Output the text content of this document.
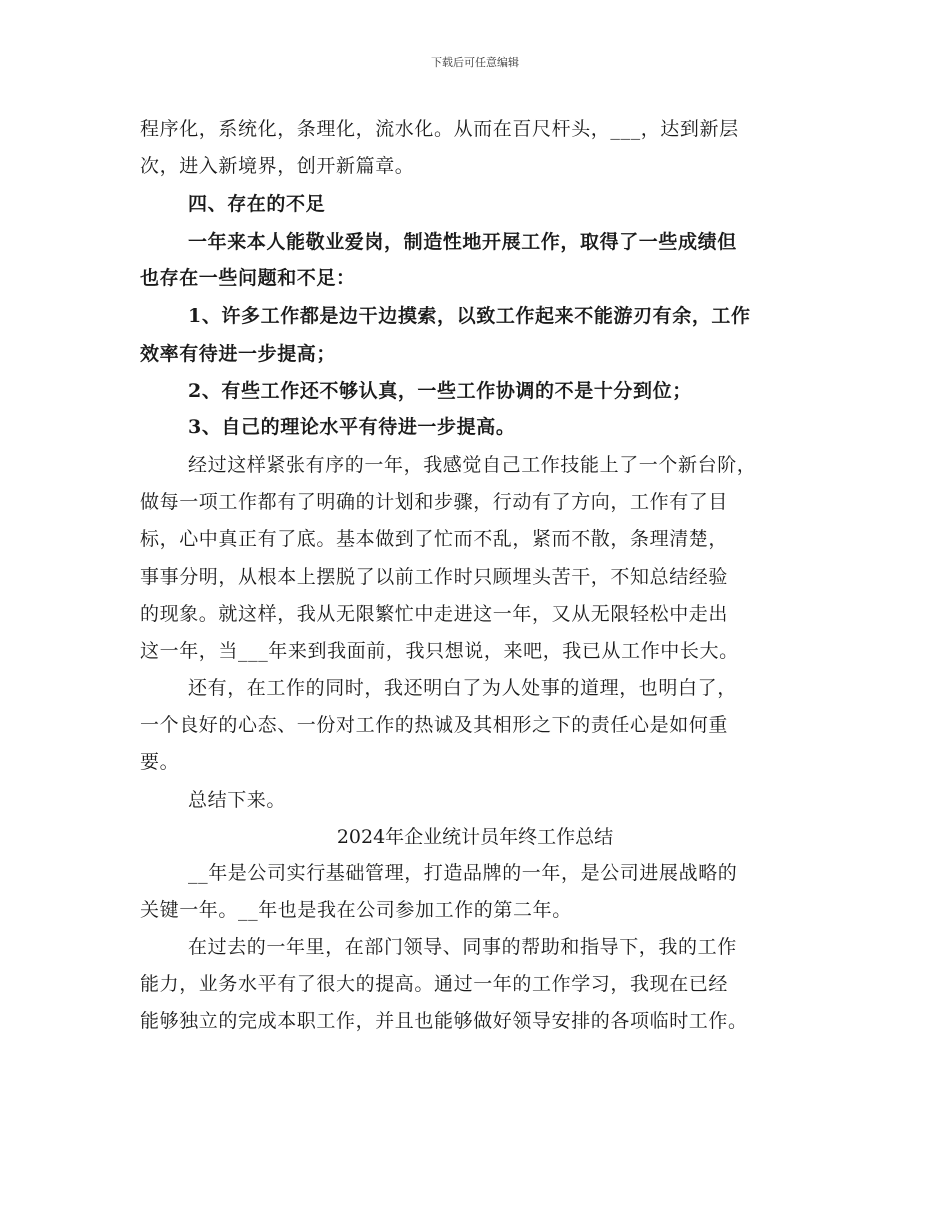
下载后可任意编辑
程序化，系统化，条理化，流水化。从而在百尺杆头，___，达到新层
次，进入新境界，创开新篇章。
四、存在的不足
一年来本人能敬业爱岗，制造性地开展工作，取得了一些成绩但
也存在一些问题和不足：
1、许多工作都是边干边摸索，以致工作起来不能游刃有余，工作
效率有待进一步提高；
2、有些工作还不够认真，一些工作协调的不是十分到位；
3、自己的理论水平有待进一步提高。
经过这样紧张有序的一年，我感觉自己工作技能上了一个新台阶，
做每一项工作都有了明确的计划和步骤，行动有了方向，工作有了目
标，心中真正有了底。基本做到了忙而不乱，紧而不散，条理清楚，
事事分明，从根本上摆脱了以前工作时只顾埋头苦干，不知总结经验
的现象。就这样，我从无限繁忙中走进这一年，又从无限轻松中走出
这一年，当___年来到我面前，我只想说，来吧，我已从工作中长大。
还有，在工作的同时，我还明白了为人处事的道理，也明白了，
一个良好的心态、一份对工作的热诚及其相形之下的责任心是如何重
要。
总结下来。
2024年企业统计员年终工作总结
__年是公司实行基础管理，打造品牌的一年，是公司进展战略的
关键一年。__年也是我在公司参加工作的第二年。
在过去的一年里，在部门领导、同事的帮助和指导下，我的工作
能力，业务水平有了很大的提高。通过一年的工作学习，我现在已经
能够独立的完成本职工作，并且也能够做好领导安排的各项临时工作。
